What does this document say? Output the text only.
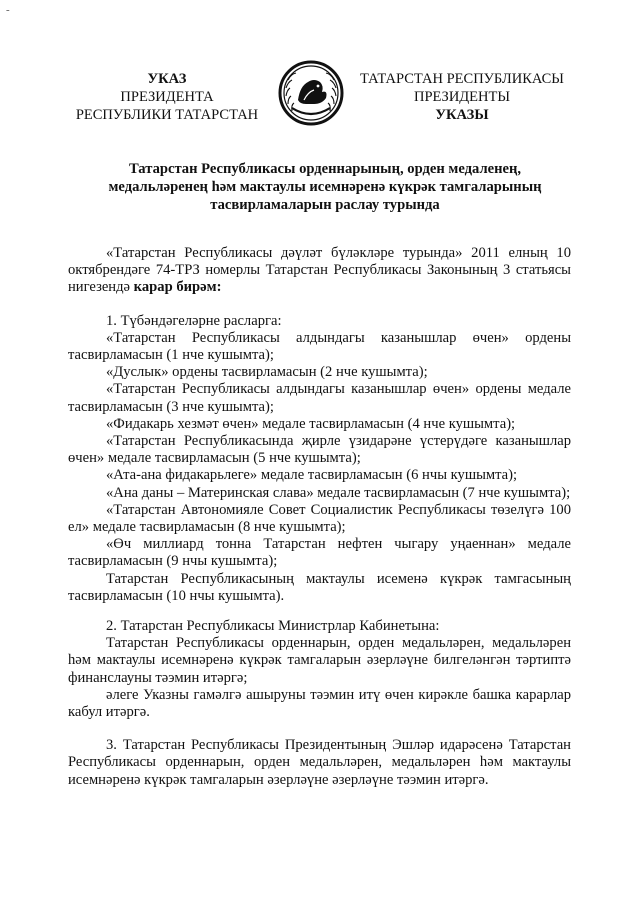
-
УКАЗ
ПРЕЗИДЕНТА
РЕСПУБЛИКИ ТАТАРСТАН
ТАТАРСТАН РЕСПУБЛИКАСЫ
ПРЕЗИДЕНТЫ
УКАЗЫ
Татарстан Республикасы орденнарының, орден медаленең,
медальләренең һәм мактаулы исемнәренә күкрәк тамгаларының
тасвирламаларын раслау турында

«Татарстан Республикасы дәүләт бүләкләре турында» 2011 елның 10 октябрендәге 74-ТРЗ номерлы Татарстан Республикасы Законының 3 статьясы нигезендә карар бирәм:

1. Түбәндәгеләрне расларга:

«Татарстан Республикасы алдындагы казанышлар өчен» ордены тасвирламасын (1 нче кушымта);

«Дуслык» ордены тасвирламасын (2 нче кушымта);

«Татарстан Республикасы алдындагы казанышлар өчен» ордены медале тасвирламасын (3 нче кушымта);

«Фидакарь хезмәт өчен» медале тасвирламасын (4 нче кушымта);

«Татарстан Республикасында җирле үзидарәне үстерүдәге казанышлар өчен» медале тасвирламасын (5 нче кушымта);

«Ата-ана фидакарьлеге» медале тасвирламасын (6 нчы кушымта);

«Ана даны – Материнская слава» медале тасвирламасын (7 нче кушымта);

«Татарстан Автономияле Совет Социалистик Республикасы төзелүгә 100 ел» медале тасвирламасын (8 нче кушымта);

«Өч миллиард тонна Татарстан нефтен чыгару уңаеннан» медале тасвирламасын (9 нчы кушымта);

Татарстан Республикасының мактаулы исеменә күкрәк тамгасының тасвирламасын (10 нчы кушымта).

2. Татарстан Республикасы Министрлар Кабинетына:

Татарстан Республикасы орденнарын, орден медальләрен, медальләрен һәм мактаулы исемнәренә күкрәк тамгаларын әзерләүне билгеләнгән тәртиптә финанслауны тәэмин итәргә;

әлеге Указны гамәлгә ашыруны тәэмин итү өчен кирәкле башка карарлар кабул итәргә.

3. Татарстан Республикасы Президентының Эшләр идарәсенә Татарстан Республикасы орденнарын, орден медальләрен, медальләрен һәм мактаулы исемнәренә күкрәк тамгаларын әзерләүне әзерләүне тәэмин итәргә.
